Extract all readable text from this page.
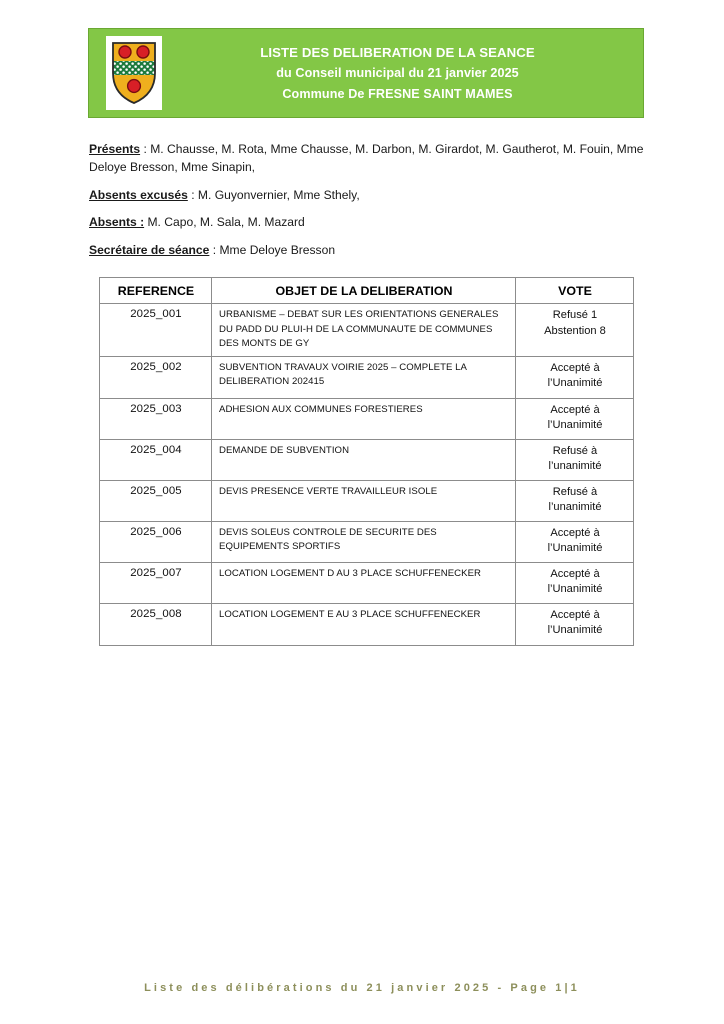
LISTE DES DELIBERATION DE LA SEANCE
du Conseil municipal du 21 janvier 2025
Commune De FRESNE SAINT MAMES
Présents : M. Chausse, M. Rota, Mme Chausse, M. Darbon, M. Girardot, M. Gautherot, M. Fouin, Mme Deloye Bresson, Mme Sinapin,
Absents excusés : M. Guyonvernier, Mme Sthely,
Absents : M. Capo, M. Sala, M. Mazard
Secrétaire de séance : Mme Deloye Bresson
REFERENCE	OBJET DE LA DELIBERATION	VOTE
2025_001	URBANISME – DEBAT SUR LES ORIENTATIONS GENERALES DU PADD DU PLUI-H DE LA COMMUNAUTE DE COMMUNES DES MONTS DE GY	Refusé 1
Abstention 8

2025_002	SUBVENTION TRAVAUX VOIRIE 2025 – COMPLETE LA DELIBERATION 202415	Accepté à
l’Unanimité

2025_003	ADHESION AUX COMMUNES FORESTIERES	Accepté à
l’Unanimité

2025_004	DEMANDE DE SUBVENTION	Refusé à
l’unanimité

2025_005	DEVIS PRESENCE VERTE TRAVAILLEUR ISOLE	Refusé à
l’unanimité

2025_006	DEVIS SOLEUS CONTROLE DE SECURITE DES EQUIPEMENTS SPORTIFS	Accepté à
l’Unanimité

2025_007	LOCATION LOGEMENT D AU 3 PLACE SCHUFFENECKER	Accepté à
l’Unanimité

2025_008	LOCATION LOGEMENT E AU 3 PLACE SCHUFFENECKER	Accepté à
l’Unanimité
Liste des délibérations du 21 janvier 2025 - Page 1|1
